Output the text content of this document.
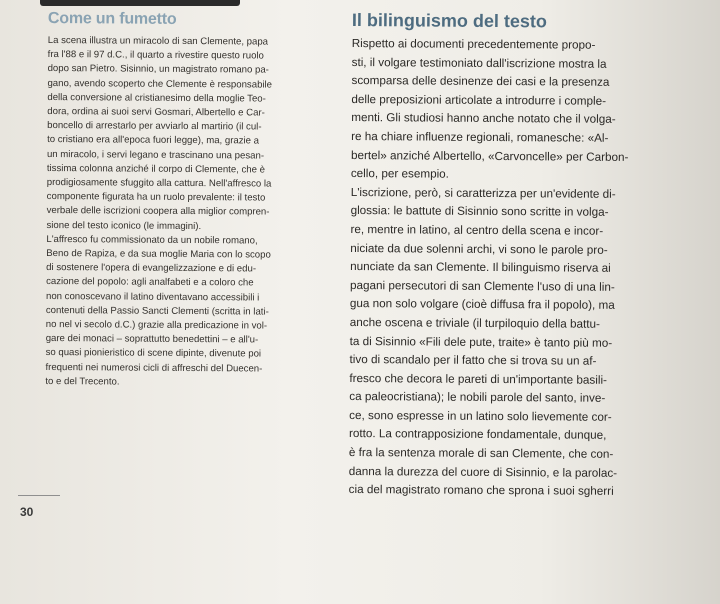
Come un fumetto
La scena illustra un miracolo di san Clemente, papa
fra l'88 e il 97 d.C., il quarto a rivestire questo ruolo
dopo san Pietro. Sisinnio, un magistrato romano pa-
gano, avendo scoperto che Clemente è responsabile
della conversione al cristianesimo della moglie Teo-
dora, ordina ai suoi servi Gosmari, Albertello e Car-
boncello di arrestarlo per avviarlo al martirio (il cul-
to cristiano era all'epoca fuori legge), ma, grazie a
un miracolo, i servi legano e trascinano una pesan-
tissima colonna anziché il corpo di Clemente, che è
prodigiosamente sfuggito alla cattura. Nell'affresco la
componente figurata ha un ruolo prevalente: il testo
verbale delle iscrizioni coopera alla miglior compren-
sione del testo iconico (le immagini).
L'affresco fu commissionato da un nobile romano,
Beno de Rapiza, e da sua moglie Maria con lo scopo
di sostenere l'opera di evangelizzazione e di edu-
cazione del popolo: agli analfabeti e a coloro che
non conoscevano il latino diventavano accessibili i
contenuti della Passio Sancti Clementi (scritta in lati-
no nel vi secolo d.C.) grazie alla predicazione in vol-
gare dei monaci – soprattutto benedettini – e all'u-
so quasi pionieristico di scene dipinte, divenute poi
frequenti nei numerosi cicli di affreschi del Duecen-
to e del Trecento.
Il bilinguismo del testo
Rispetto ai documenti precedentemente propo-
sti, il volgare testimoniato dall'iscrizione mostra la
scomparsa delle desinenze dei casi e la presenza
delle preposizioni articolate a introdurre i comple-
menti. Gli studiosi hanno anche notato che il volga-
re ha chiare influenze regionali, romanesche: «Al-
bertel» anziché Albertello, «Carvoncelle» per Carbon-
cello, per esempio.
L'iscrizione, però, si caratterizza per un'evidente di-
glossia: le battute di Sisinnio sono scritte in volga-
re, mentre in latino, al centro della scena e incor-
niciate da due solenni archi, vi sono le parole pro-
nunciate da san Clemente. Il bilinguismo riserva ai
pagani persecutori di san Clemente l'uso di una lin-
gua non solo volgare (cioè diffusa fra il popolo), ma
anche oscena e triviale (il turpiloquio della battu-
ta di Sisinnio «Fili dele pute, traite» è tanto più mo-
tivo di scandalo per il fatto che si trova su un af-
fresco che decora le pareti di un'importante basili-
ca paleocristiana); le nobili parole del santo, inve-
ce, sono espresse in un latino solo lievemente cor-
rotto. La contrapposizione fondamentale, dunque,
è fra la sentenza morale di san Clemente, che con-
danna la durezza del cuore di Sisinnio, e la parolac-
cia del magistrato romano che sprona i suoi sgherri
30
